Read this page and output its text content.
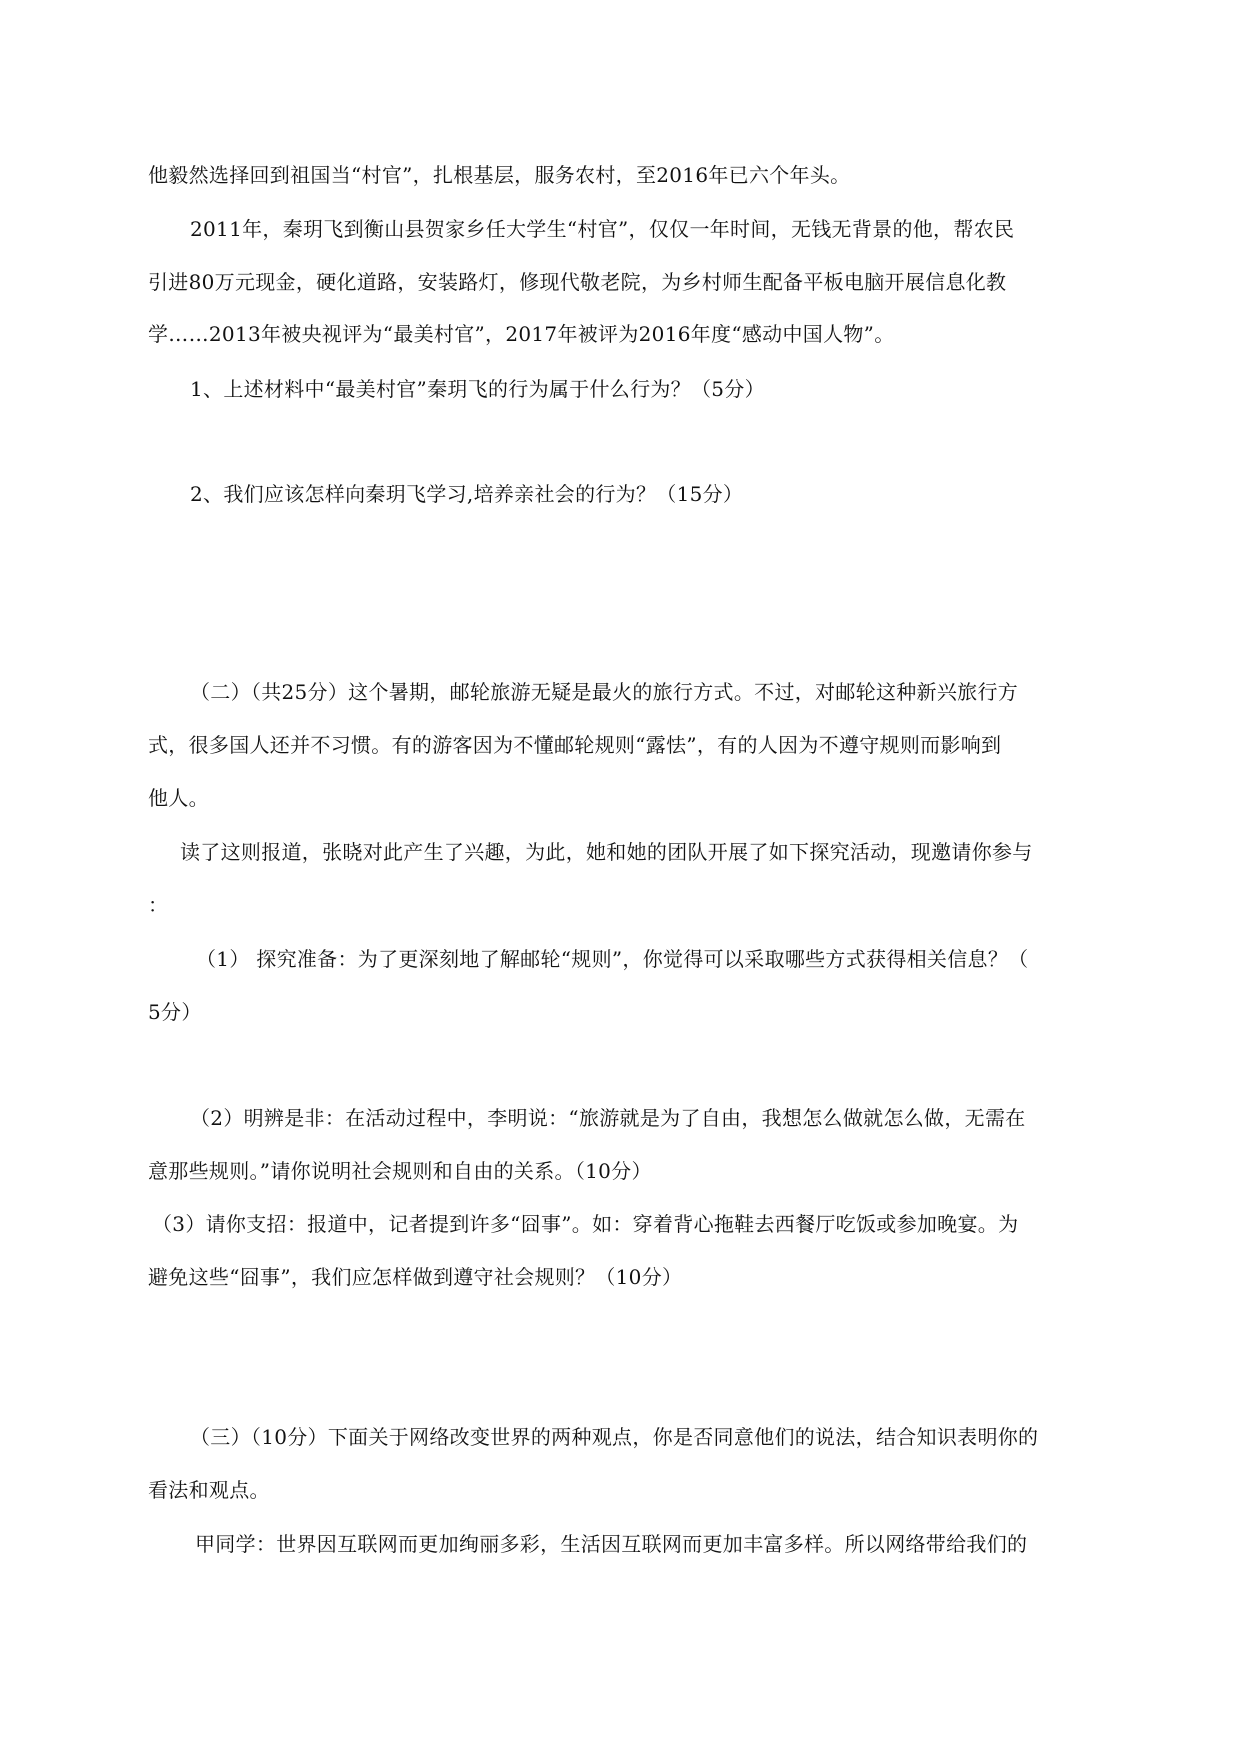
他毅然选择回到祖国当“村官”，扎根基层，服务农村，至2016年已六个年头。
2011年，秦玥飞到衡山县贺家乡任大学生“村官”，仅仅一年时间，无钱无背景的他，帮农民
引进80万元现金，硬化道路，安装路灯，修现代敬老院，为乡村师生配备平板电脑开展信息化教
学……2013年被央视评为“最美村官”，2017年被评为2016年度“感动中国人物”。
1、上述材料中“最美村官”秦玥飞的行为属于什么行为？（5分）
2、我们应该怎样向秦玥飞学习,培养亲社会的行为？（15分）
（二）（共25分）这个暑期，邮轮旅游无疑是最火的旅行方式。不过，对邮轮这种新兴旅行方
式，很多国人还并不习惯。有的游客因为不懂邮轮规则“露怯”，有的人因为不遵守规则而影响到
他人。
读了这则报道，张晓对此产生了兴趣，为此，她和她的团队开展了如下探究活动，现邀请你参与
：
（1） 探究准备：为了更深刻地了解邮轮“规则”，你觉得可以采取哪些方式获得相关信息？（
5分）
（2）明辨是非：在活动过程中，李明说：“旅游就是为了自由，我想怎么做就怎么做，无需在
意那些规则。”请你说明社会规则和自由的关系。（10分）
（3）请你支招：报道中，记者提到许多“囧事”。如：穿着背心拖鞋去西餐厅吃饭或参加晚宴。为
避免这些“囧事”，我们应怎样做到遵守社会规则？（10分）
（三）（10分）下面关于网络改变世界的两种观点，你是否同意他们的说法，结合知识表明你的
看法和观点。
甲同学：世界因互联网而更加绚丽多彩，生活因互联网而更加丰富多样。所以网络带给我们的
